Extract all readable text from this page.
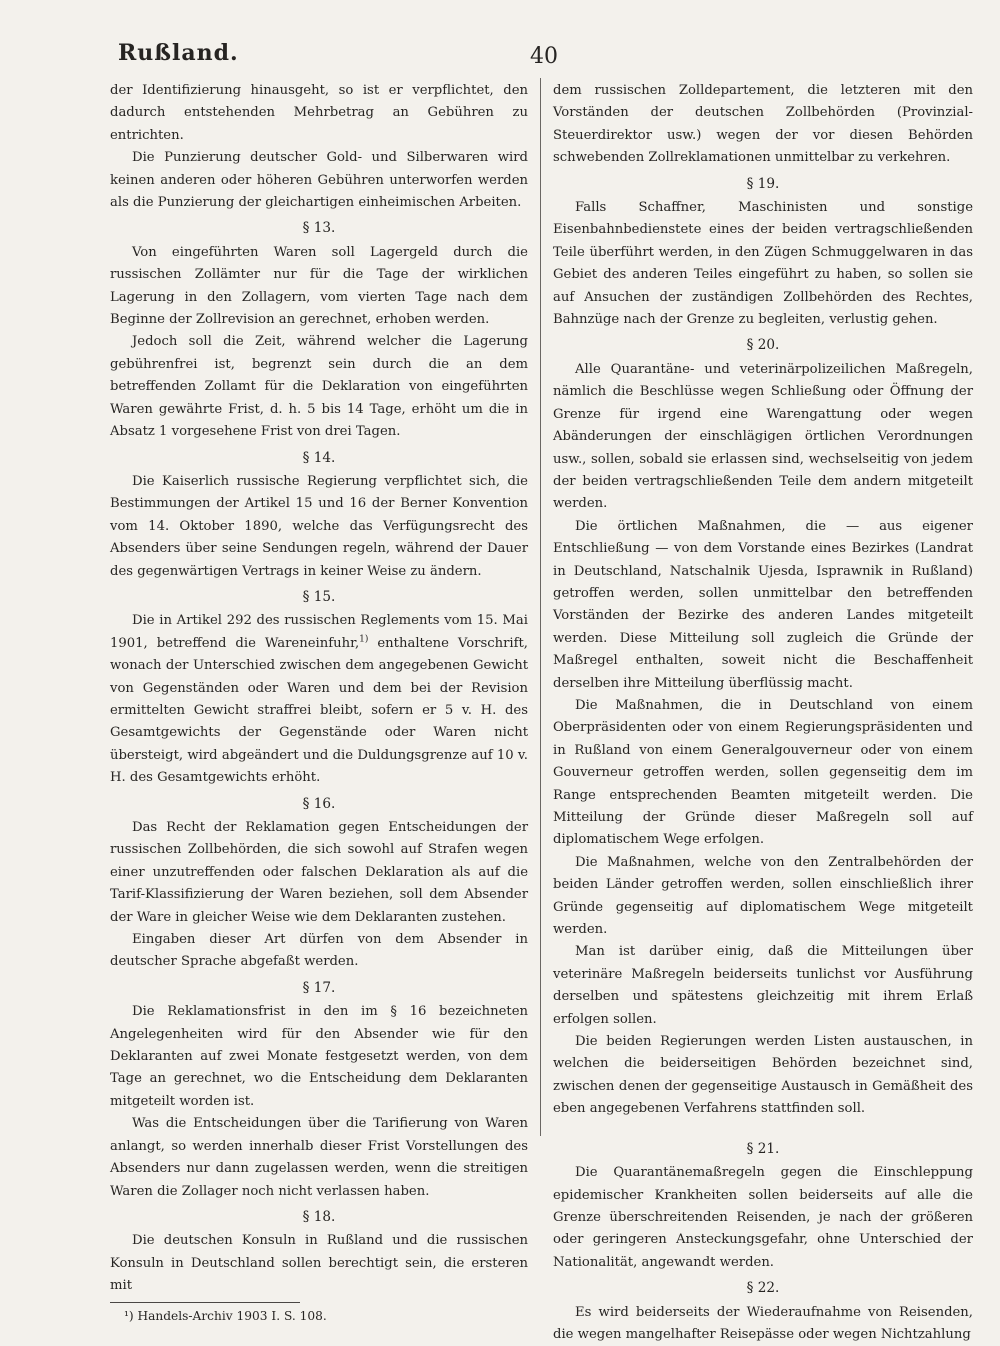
Rußland.	40

der Identifizierung hinausgeht, so ist er verpflichtet, den dadurch entstehenden Mehrbetrag an Gebühren zu entrichten.

Die Punzierung deutscher Gold- und Silberwaren wird keinen anderen oder höheren Gebühren unterworfen werden als die Punzierung der gleichartigen einheimischen Arbeiten.

§ 13.

Von eingeführten Waren soll Lagergeld durch die russischen Zollämter nur für die Tage der wirklichen Lagerung in den Zollagern, vom vierten Tage nach dem Beginne der Zollrevision an gerechnet, erhoben werden.

Jedoch soll die Zeit, während welcher die Lagerung gebührenfrei ist, begrenzt sein durch die an dem betreffenden Zollamt für die Deklaration von eingeführten Waren gewährte Frist, d. h. 5 bis 14 Tage, erhöht um die in Absatz 1 vorgesehene Frist von drei Tagen.

§ 14.

Die Kaiserlich russische Regierung verpflichtet sich, die Bestimmungen der Artikel 15 und 16 der Berner Konvention vom 14. Oktober 1890, welche das Verfügungsrecht des Absenders über seine Sendungen regeln, während der Dauer des gegenwärtigen Vertrags in keiner Weise zu ändern.

§ 15.

Die in Artikel 292 des russischen Reglements vom 15. Mai 1901, betreffend die Wareneinfuhr,$^{1)}$ enthaltene Vorschrift, wonach der Unterschied zwischen dem angegebenen Gewicht von Gegenständen oder Waren und dem bei der Revision ermittelten Gewicht straffrei bleibt, sofern er 5 v. H. des Gesamtgewichts der Gegenstände oder Waren nicht übersteigt, wird abgeändert und die Duldungsgrenze auf 10 v. H. des Gesamtgewichts erhöht.

§ 16.

Das Recht der Reklamation gegen Entscheidungen der russischen Zollbehörden, die sich sowohl auf Strafen wegen einer unzutreffenden oder falschen Deklaration als auf die Tarif-Klassifizierung der Waren beziehen, soll dem Absender der Ware in gleicher Weise wie dem Deklaranten zustehen.

Eingaben dieser Art dürfen von dem Absender in deutscher Sprache abgefaßt werden.

§ 17.

Die Reklamationsfrist in den im § 16 bezeichneten Angelegenheiten wird für den Absender wie für den Deklaranten auf zwei Monate festgesetzt werden, von dem Tage an gerechnet, wo die Entscheidung dem Deklaranten mitgeteilt worden ist.

Was die Entscheidungen über die Tarifierung von Waren anlangt, so werden innerhalb dieser Frist Vorstellungen des Absenders nur dann zugelassen werden, wenn die streitigen Waren die Zollager noch nicht verlassen haben.

§ 18.

Die deutschen Konsuln in Rußland und die russischen Konsuln in Deutschland sollen berechtigt sein, die ersteren mit

¹) Handels-Archiv 1903 I. S. 108.

dem russischen Zolldepartement, die letzteren mit den Vorständen der deutschen Zollbehörden (Provinzial-Steuerdirektor usw.) wegen der vor diesen Behörden schwebenden Zollreklamationen unmittelbar zu verkehren.

§ 19.

Falls Schaffner, Maschinisten und sonstige Eisenbahnbedienstete eines der beiden vertragschließenden Teile überführt werden, in den Zügen Schmuggelwaren in das Gebiet des anderen Teiles eingeführt zu haben, so sollen sie auf Ansuchen der zuständigen Zollbehörden des Rechtes, Bahnzüge nach der Grenze zu begleiten, verlustig gehen.

§ 20.

Alle Quarantäne- und veterinärpolizeilichen Maßregeln, nämlich die Beschlüsse wegen Schließung oder Öffnung der Grenze für irgend eine Warengattung oder wegen Abänderungen der einschlägigen örtlichen Verordnungen usw., sollen, sobald sie erlassen sind, wechselseitig von jedem der beiden vertragschließenden Teile dem andern mitgeteilt werden.

Die örtlichen Maßnahmen, die — aus eigener Entschließung — von dem Vorstande eines Bezirkes (Landrat in Deutschland, Natschalnik Ujesda, Isprawnik in Rußland) getroffen werden, sollen unmittelbar den betreffenden Vorständen der Bezirke des anderen Landes mitgeteilt werden. Diese Mitteilung soll zugleich die Gründe der Maßregel enthalten, soweit nicht die Beschaffenheit derselben ihre Mitteilung überflüssig macht.

Die Maßnahmen, die in Deutschland von einem Oberpräsidenten oder von einem Regierungspräsidenten und in Rußland von einem Generalgouverneur oder von einem Gouverneur getroffen werden, sollen gegenseitig dem im Range entsprechenden Beamten mitgeteilt werden. Die Mitteilung der Gründe dieser Maßregeln soll auf diplomatischem Wege erfolgen.

Die Maßnahmen, welche von den Zentralbehörden der beiden Länder getroffen werden, sollen einschließlich ihrer Gründe gegenseitig auf diplomatischem Wege mitgeteilt werden.

Man ist darüber einig, daß die Mitteilungen über veterinäre Maßregeln beiderseits tunlichst vor Ausführung derselben und spätestens gleichzeitig mit ihrem Erlaß erfolgen sollen.

Die beiden Regierungen werden Listen austauschen, in welchen die beiderseitigen Behörden bezeichnet sind, zwischen denen der gegenseitige Austausch in Gemäßheit des eben angegebenen Verfahrens stattfinden soll.

§ 21.

Die Quarantänemaßregeln gegen die Einschleppung epidemischer Krankheiten sollen beiderseits auf alle die Grenze überschreitenden Reisenden, je nach der größeren oder geringeren Ansteckungsgefahr, ohne Unterschied der Nationalität, angewandt werden.

§ 22.

Es wird beiderseits der Wiederaufnahme von Reisenden, die wegen mangelhafter Reisepässe oder wegen Nichtzahlung
